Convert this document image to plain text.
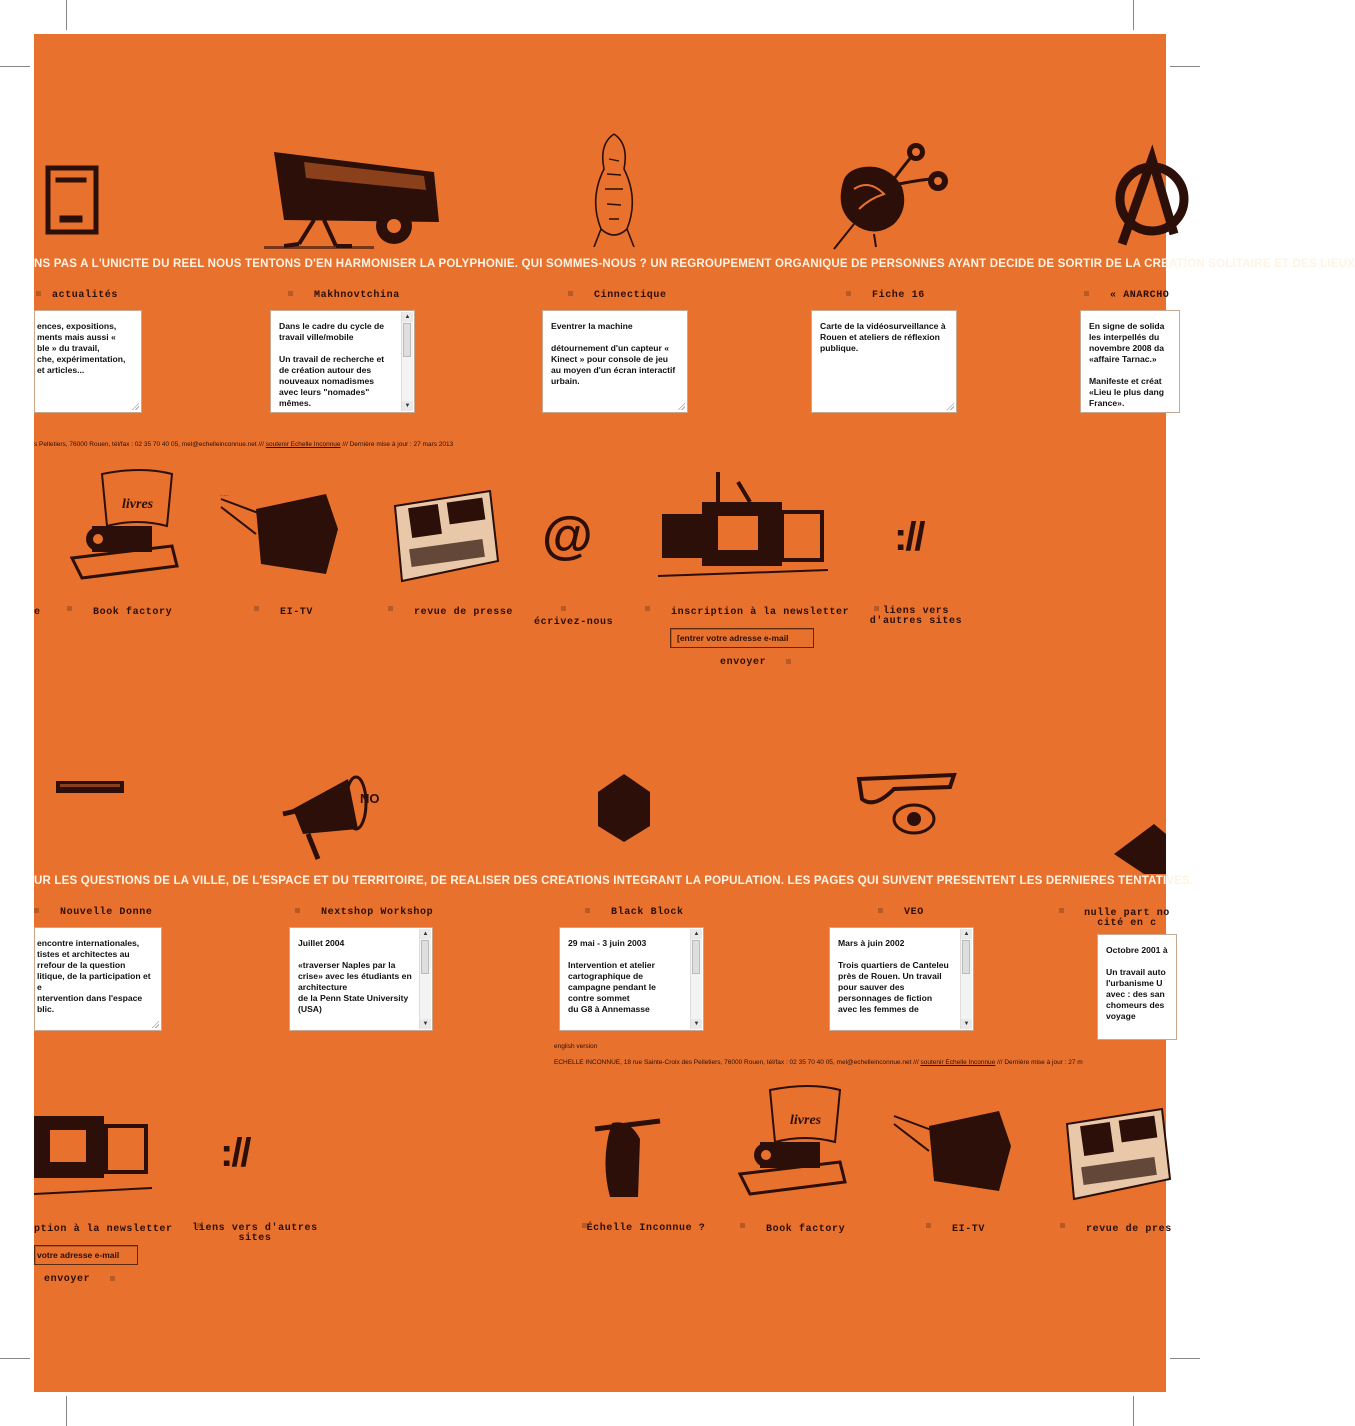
NS PAS A L'UNICITE DU REEL NOUS TENTONS D'EN HARMONISER LA POLYPHONIE. QUI SOMMES-NOUS ? UN REGROUPEMENT ORGANIQUE DE PERSONNES AYANT DECIDE DE SORTIR DE LA CREATION SOLITAIRE ET DES LIEUX
actualités	Makhnovtchina	Cinnectique	Fiche 16	« ANARCHO
ences, expositions,
ments mais aussi «
ble » du travail,
che, expérimentation,
et articles...
Dans le cadre du cycle de travail ville/mobile

Un travail de recherche et de création autour des nouveaux nomadismes avec leurs "nomades" mêmes.
▲
▼
Eventrer la machine

détournement d'un capteur « Kinect » pour console de jeu au moyen d'un écran interactif urbain.
Carte de la vidéosurveillance à Rouen et ateliers de réflexion publique.
En signe de solida
les interpellés du
novembre 2008 da
«affaire Tarnac.»

Manifeste et créat
«Lieu le plus dang
France».
s Pelletiers, 76000 Rouen, tél/fax : 02 35 70 40 05, mel@echelleinconnue.net /// soutenir Echelle Inconnue /// Dernière mise à jour : 27 mars 2013
livres
·····
@	://
e	Book factory	EI-TV	revue de presse
écrivez-nous
inscription à la newsletter	liens vers d'autres sites
[entrer votre adresse e-mail
envoyer
NO
UR LES QUESTIONS DE LA VILLE, DE L'ESPACE ET DU TERRITOIRE, DE REALISER DES CREATIONS INTEGRANT LA POPULATION. LES PAGES QUI SUIVENT PRESENTENT LES DERNIERES TENTATIVES.
Nouvelle Donne	Nextshop Workshop	Black Block	VEO	nulle part no cité en c
encontre internationales,
tistes et architectes au
rrefour de la question
litique, de la participation et
e
ntervention dans l'espace
blic.
Juillet 2004

«traverser Naples par la crise» avec les étudiants en architecture
de la Penn State University (USA)
▲
▼
29 mai - 3 juin 2003

Intervention et atelier cartographique de campagne pendant le contre sommet
du G8 à Annemasse
▲
▼
Mars à juin 2002

Trois quartiers de Canteleu près de Rouen. Un travail pour sauver des personnages de fiction avec les femmes de
▲
▼
Octobre 2001 à

Un travail auto
l'urbanisme U
avec : des san
chomeurs des
voyage
english version
ECHELLE INCONNUE, 18 rue Sainte-Croix des Pelletiers, 76000 Rouen, tél/fax : 02 35 70 40 05, mel@echelleinconnue.net /// soutenir Echelle Inconnue /// Dernière mise à jour : 27 m
://
livres
ption à la newsletter liens vers d'autres sites
Échelle Inconnue ?	Book factory	EI-TV	revue de pres
votre adresse e-mail
envoyer
